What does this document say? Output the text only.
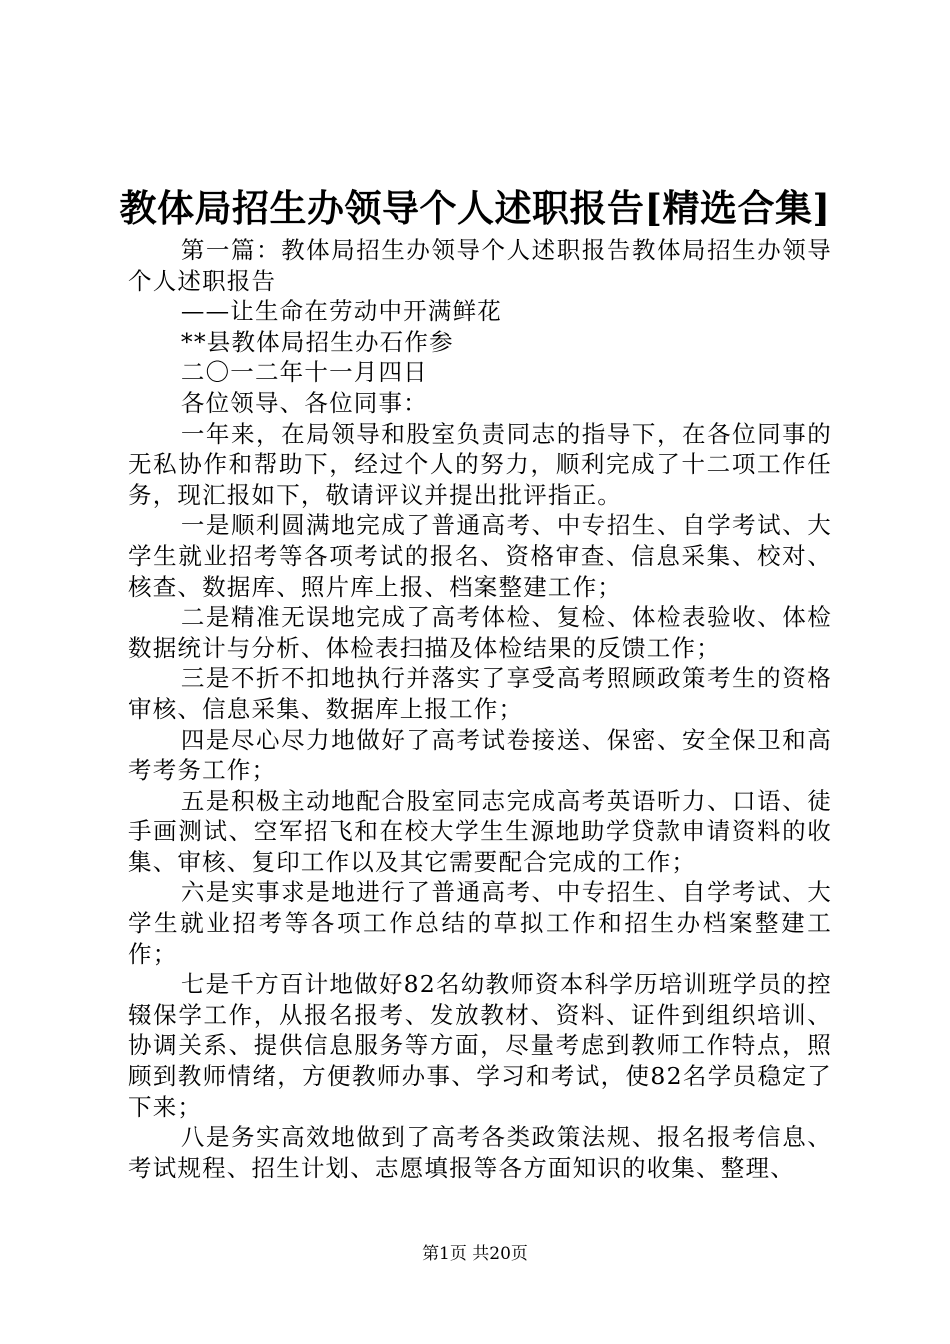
教体局招生办领导个人述职报告[精选合集]

第一篇：教体局招生办领导个人述职报告教体局招生办领导个人述职报告

——让生命在劳动中开满鲜花

**县教体局招生办石作参

二〇一二年十一月四日

各位领导、各位同事：

一年来，在局领导和股室负责同志的指导下，在各位同事的无私协作和帮助下，经过个人的努力，顺利完成了十二项工作任务，现汇报如下，敬请评议并提出批评指正。

一是顺利圆满地完成了普通高考、中专招生、自学考试、大学生就业招考等各项考试的报名、资格审查、信息采集、校对、核查、数据库、照片库上报、档案整建工作；

二是精准无误地完成了高考体检、复检、体检表验收、体检数据统计与分析、体检表扫描及体检结果的反馈工作；

三是不折不扣地执行并落实了享受高考照顾政策考生的资格审核、信息采集、数据库上报工作；

四是尽心尽力地做好了高考试卷接送、保密、安全保卫和高考考务工作；

五是积极主动地配合股室同志完成高考英语听力、口语、徒手画测试、空军招飞和在校大学生生源地助学贷款申请资料的收集、审核、复印工作以及其它需要配合完成的工作；

六是实事求是地进行了普通高考、中专招生、自学考试、大学生就业招考等各项工作总结的草拟工作和招生办档案整建工作；

七是千方百计地做好82名幼教师资本科学历培训班学员的控辍保学工作，从报名报考、发放教材、资料、证件到组织培训、协调关系、提供信息服务等方面，尽量考虑到教师工作特点，照顾到教师情绪，方便教师办事、学习和考试，使82名学员稳定了下来；

八是务实高效地做到了高考各类政策法规、报名报考信息、考试规程、招生计划、志愿填报等各方面知识的收集、整理、

第1页 共20页
